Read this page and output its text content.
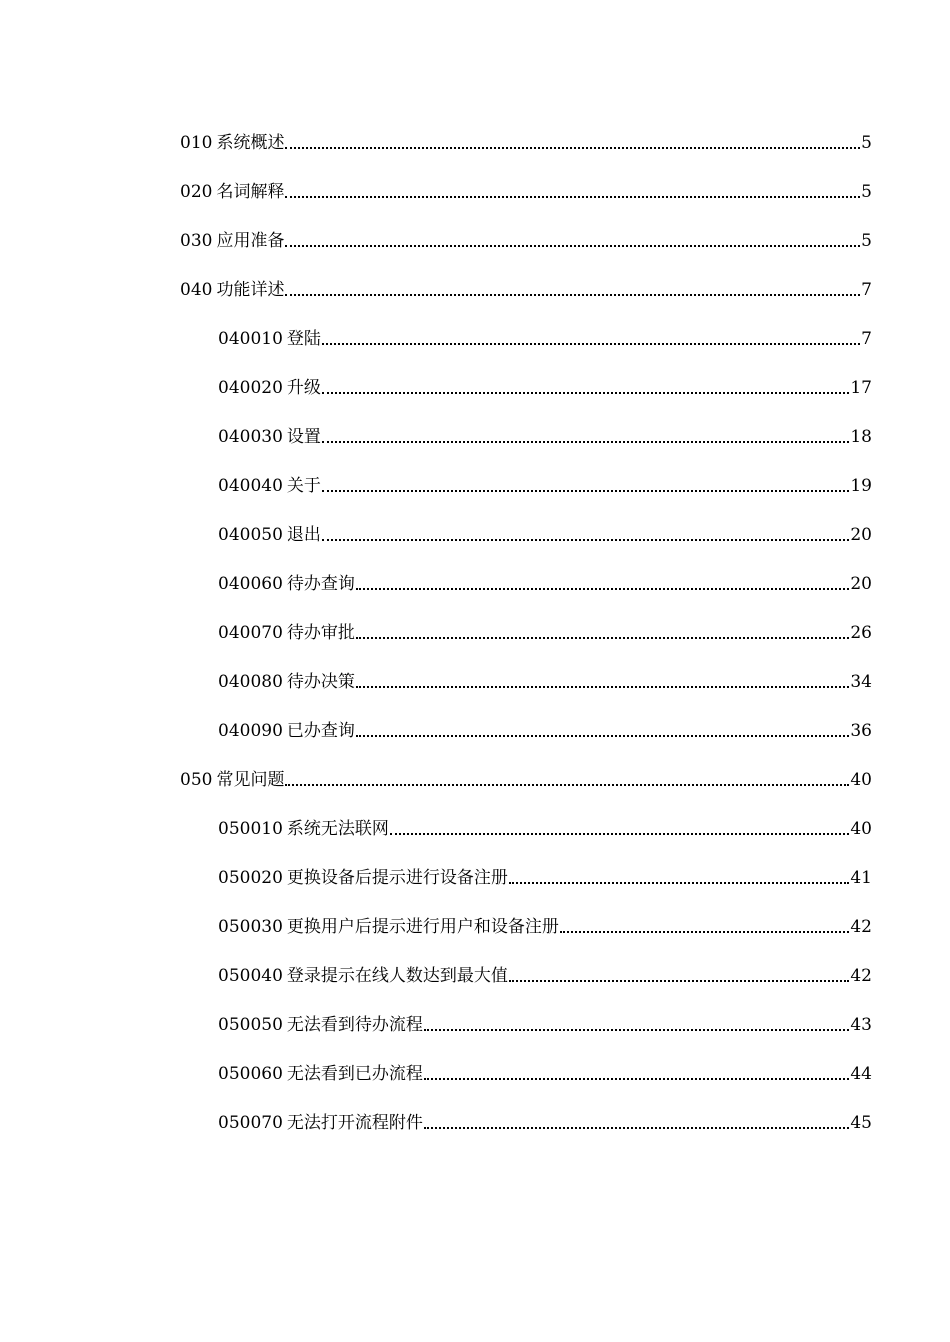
010 系统概述	5
020 名词解释	5
030 应用准备	5
040 功能详述	7
040010 登陆	7
040020 升级	17
040030 设置	18
040040 关于	19
040050 退出	20
040060 待办查询	20
040070 待办审批	26
040080 待办决策	34
040090 已办查询	36
050 常见问题	40
050010 系统无法联网	40
050020 更换设备后提示进行设备注册	41
050030 更换用户后提示进行用户和设备注册	42
050040 登录提示在线人数达到最大值	42
050050 无法看到待办流程	43
050060 无法看到已办流程	44
050070 无法打开流程附件	45
